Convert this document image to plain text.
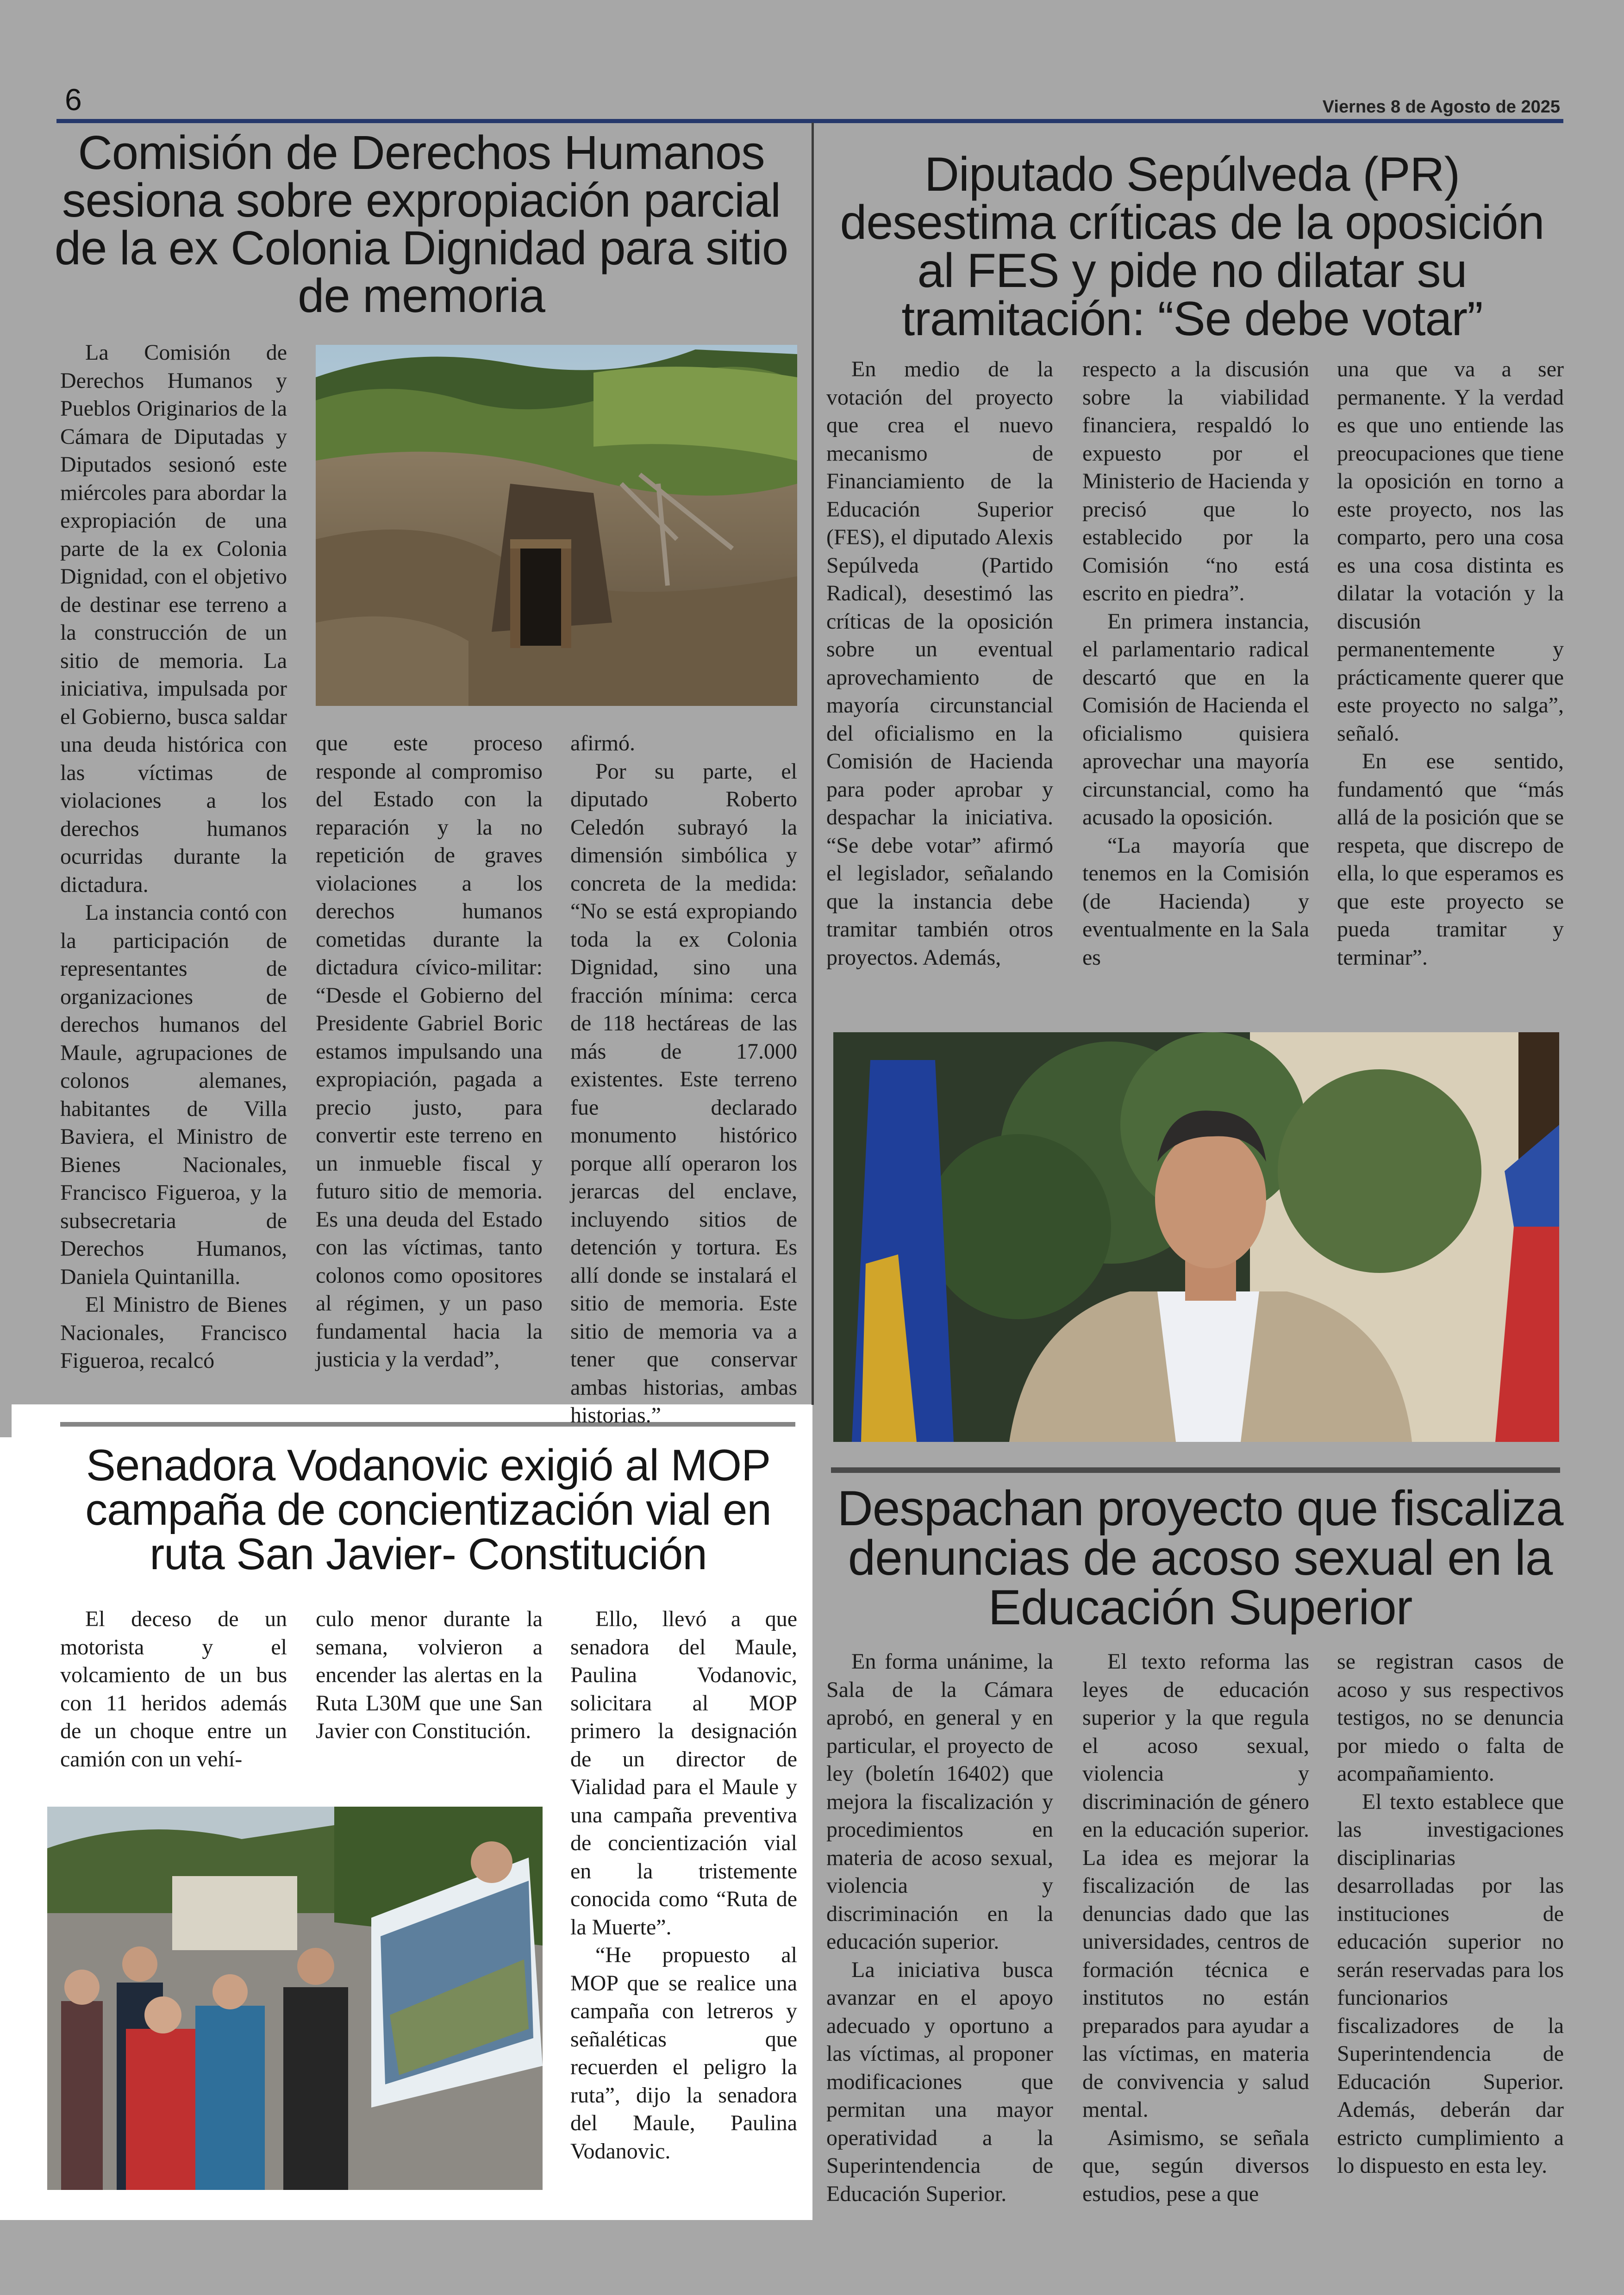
6	Viernes 8 de Agosto de 2025
Comisión de Derechos Humanos sesiona sobre expropiación parcial de la ex Colonia Dignidad para sitio de memoria

La Comisión de Derechos Humanos y Pueblos Originarios de la Cámara de Diputadas y Diputados sesionó este miércoles para abordar la expropiación de una parte de la ex Colonia Dignidad, con el objetivo de destinar ese terreno a la construcción de un sitio de memoria. La iniciativa, impulsada por el Gobierno, busca saldar una deuda histórica con las víctimas de violaciones a los derechos humanos ocurridas durante la dictadura.

La instancia contó con la participación de representantes de organizaciones de derechos humanos del Maule, agrupaciones de colonos alemanes, habitantes de Villa Baviera, el Ministro de Bienes Nacionales, Francisco Figueroa, y la subsecretaria de Derechos Humanos, Daniela Quintanilla.

El Ministro de Bienes Nacionales, Francisco Figueroa, recalcó

que este proceso responde al compromiso del Estado con la reparación y la no repetición de graves violaciones a los derechos humanos cometidas durante la dictadura cívico-militar: “Desde el Gobierno del Presidente Gabriel Boric estamos impulsando una expropiación, pagada a precio justo, para convertir este terreno en un inmueble fiscal y futuro sitio de memoria. Es una deuda del Estado con las víctimas, tanto colonos como opositores al régimen, y un paso fundamental hacia la justicia y la verdad”,

afirmó.

Por su parte, el diputado Roberto Celedón subrayó la dimensión simbólica y concreta de la medida: “No se está expropiando toda la ex Colonia Dignidad, sino una fracción mínima: cerca de 118 hectáreas de las más de 17.000 existentes. Este terreno fue declarado monumento histórico porque allí operaron los jerarcas del enclave, incluyendo sitios de detención y tortura. Es allí donde se instalará el sitio de memoria. Este sitio de memoria va a tener que conservar ambas historias, ambas historias.”

Diputado Sepúlveda (PR) desestima críticas de la oposición al FES y pide no dilatar su tramitación: “Se debe votar”

En medio de la votación del proyecto que crea el nuevo mecanismo de Financiamiento de la Educación Superior (FES), el diputado Alexis Sepúlveda (Partido Radical), desestimó las críticas de la oposición sobre un eventual aprovechamiento de mayoría circunstancial del oficialismo en la Comisión de Hacienda para poder aprobar y despachar la iniciativa. “Se debe votar” afirmó el legislador, señalando que la instancia debe tramitar también otros proyectos. Además,

respecto a la discusión sobre la viabilidad financiera, respaldó lo expuesto por el Ministerio de Hacienda y precisó que lo establecido por la Comisión “no está escrito en piedra”.

En primera instancia, el parlamentario radical descartó que en la Comisión de Hacienda el oficialismo quisiera aprovechar una mayoría circunstancial, como ha acusado la oposición.

“La mayoría que tenemos en la Comisión (de Hacienda) y eventualmente en la Sala es

una que va a ser permanente. Y la verdad es que uno entiende las preocupaciones que tiene la oposición en torno a este proyecto, nos las comparto, pero una cosa es una cosa distinta es dilatar la votación y la discusión permanentemente y prácticamente querer que este proyecto no salga”, señaló.

En ese sentido, fundamentó que “más allá de la posición que se respeta, que discrepo de ella, lo que esperamos es que este proyecto se pueda tramitar y terminar”.

Senadora Vodanovic exigió al MOP campaña de concientización vial en ruta San Javier- Constitución

El deceso de un motorista y el volcamiento de un bus con 11 heridos además de un choque entre un camión con un vehí-

culo menor durante la semana, volvieron a encender las alertas en la Ruta L30M que une San Javier con Constitución.

Ello, llevó a que senadora del Maule, Paulina Vodanovic, solicitara al MOP primero la designación de un director de Vialidad para el Maule y una campaña preventiva de concientización vial en la tristemente conocida como “Ruta de la Muerte”.

“He propuesto al MOP que se realice una campaña con letreros y señaléticas que recuerden el peligro la ruta”, dijo la senadora del Maule, Paulina Vodanovic.

Despachan proyecto que fiscaliza denuncias de acoso sexual en la Educación Superior

En forma unánime, la Sala de la Cámara aprobó, en general y en particular, el proyecto de ley (boletín 16402) que mejora la fiscalización y procedimientos en materia de acoso sexual, violencia y discriminación en la educación superior.

La iniciativa busca avanzar en el apoyo adecuado y oportuno a las víctimas, al proponer modificaciones que permitan una mayor operatividad a la Superintendencia de Educación Superior.

El texto reforma las leyes de educación superior y la que regula el acoso sexual, violencia y discriminación de género en la educación superior. La idea es mejorar la fiscalización de las denuncias dado que las universidades, centros de formación técnica e institutos no están preparados para ayudar a las víctimas, en materia de convivencia y salud mental.

Asimismo, se señala que, según diversos estudios, pese a que

se registran casos de acoso y sus respectivos testigos, no se denuncia por miedo o falta de acompañamiento.

El texto establece que las investigaciones disciplinarias desarrolladas por las instituciones de educación superior no serán reservadas para los funcionarios fiscalizadores de la Superintendencia de Educación Superior. Además, deberán dar estricto cumplimiento a lo dispuesto en esta ley.
